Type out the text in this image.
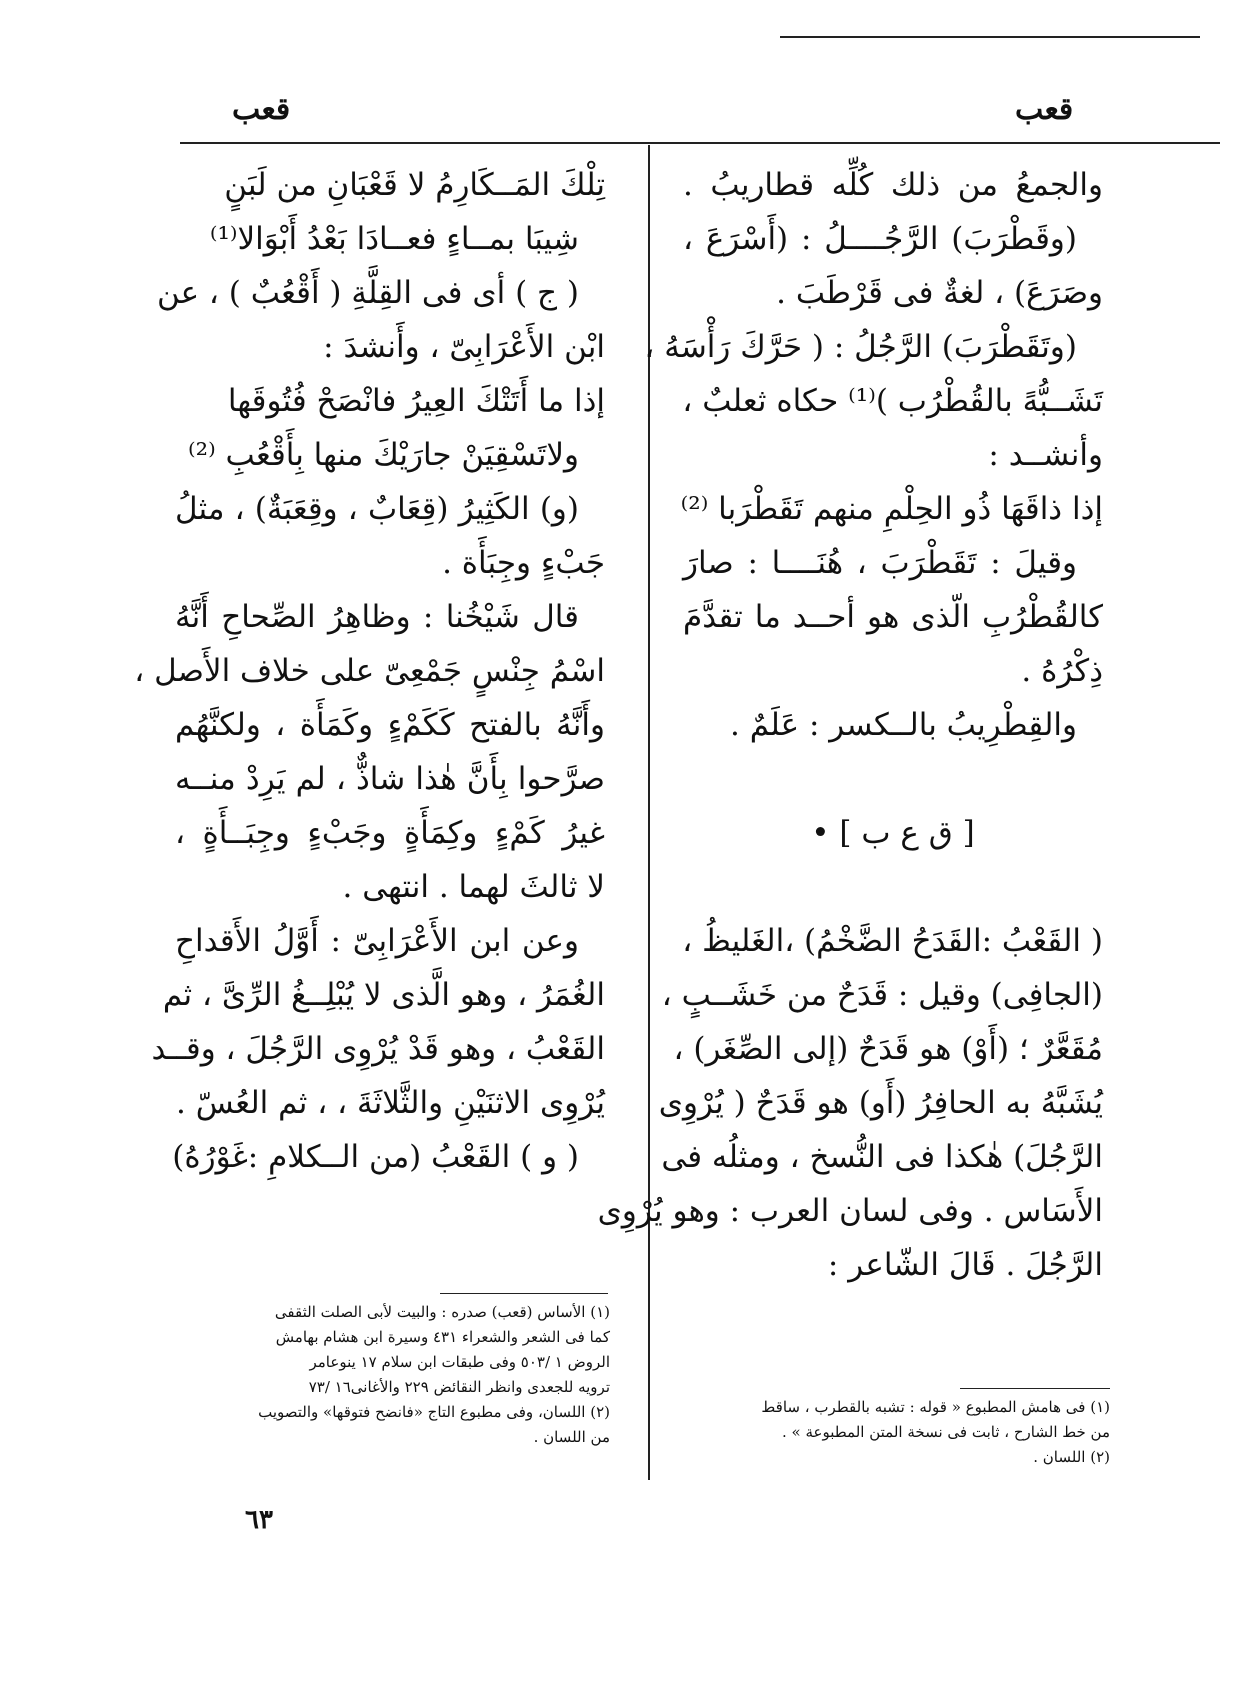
قعب
قعب
والجمعُ من ذلك كُلِّه قطاريبُ .
(وقَطْرَبَ) الرَّجُــــلُ : (أَسْرَعَ ،
وصَرَعَ) ، لغةٌ فى قَرْطَبَ .
(وتَقَطْرَبَ) الرَّجُلُ : ( حَرَّكَ رَأْسَهُ ،
تَشَــبُّهً بالقُطْرُب )⁽¹⁾ حكاه ثعلبٌ ،
وأنشــد :
إذا ذاقَهَا ذُو الحِلْمِ منهم تَقَطْرَبا ⁽²⁾
وقيلَ : تَقَطْرَبَ ، هُنَــــا : صارَ
كالقُطْرُبِ الّذى هو أحــد ما تقدَّمَ
ذِكْرُهُ .
والقِطْرِيبُ بالــكسر : عَلَمٌ .
[ ق ع ب ] •
( القَعْبُ :القَدَحُ الضَّخْمُ) ،الغَليظُ ،
(الجافِى) وقيل : قَدَحٌ من خَشَــبٍ ،
مُقَعَّرٌ ؛ (أَوْ) هو قَدَحٌ (إلى الصِّغَر) ،
يُشَبَّهُ به الحافِرُ (أَو) هو قَدَحٌ ( يُرْوِى
الرَّجُلَ) هٰكذا فى النُّسخ ، ومثلُه فى
الأَسَاس . وفى لسان العرب : وهو يُرْوِى
الرَّجُلَ . قَالَ الشّاعر :
تِلْكَ المَــكَارِمُ لا قَعْبَانِ من لَبَنٍ
شِيبَا بمــاءٍ فعــادَا بَعْدُ أَبْوَالا⁽¹⁾
( ج ) أى فى القِلَّةِ ( أَقْعُبٌ ) ، عن
ابْن الأَعْرَابِىّ ، وأَنشدَ :
إذا ما أَتَتْكَ العِيرُ فانْصَحْ فُتُوقَها
ولاتَسْقِيَنْ جارَيْكَ منها بِأَقْعُبِ ⁽²⁾
(و) الكَثِيرُ (قِعَابٌ ، وقِعَبَةٌ) ، مثلُ
جَبْءٍ وجِبَأَة .
قال شَيْخُنا : وظاهِرُ الصِّحاحِ أَنَّهُ
اسْمُ جِنْسٍ جَمْعِىّ على خلاف الأَصل ،
وأَنَّهُ بالفتح كَكَمْءٍ وكَمَأَة ، ولكنَّهُم
صرَّحوا بِأَنَّ هٰذا شاذٌّ ، لم يَرِدْ منــه
غيرُ كَمْءٍ وكِمَأَةٍ وجَبْءٍ وجِبَــأَةٍ ،
لا ثالثَ لهما . انتهى .
وعن ابن الأَعْرَابِىّ : أَوَّلُ الأَقداحِ
الغُمَرُ ، وهو الَّذى لا يُبْلِــغُ الرِّىَّ ، ثم
القَعْبُ ، وهو قَدْ يُرْوِى الرَّجُلَ ، وقــد
يُرْوِى الاثنَيْنِ والثَّلاثَةَ ، ، ثم العُسّ .
( و ) القَعْبُ (من الــكلامِ :غَوْرُهُ)
(١) الأساس (قعب) صدره : والبيت لأبى الصلت الثقفى
كما فى الشعر والشعراء ٤٣١ وسيرة ابن هشام بهامش
الروض ١ /٥٠٣ وفى طبقات ابن سلام ١٧ ينوعامر
ترويه للجعدى وانظر النقائض ٢٢٩ والأغانى١٦ /٧٣
(٢) اللسان، وفى مطبوع التاج «فانضح فتوقها» والتصويب
من اللسان .
(١) فى هامش المطبوع « قوله : تشبه بالقطرب ، ساقط
من خط الشارح ، ثابت فى نسخة المتن المطبوعة » .
(٢) اللسان .
٦٣
